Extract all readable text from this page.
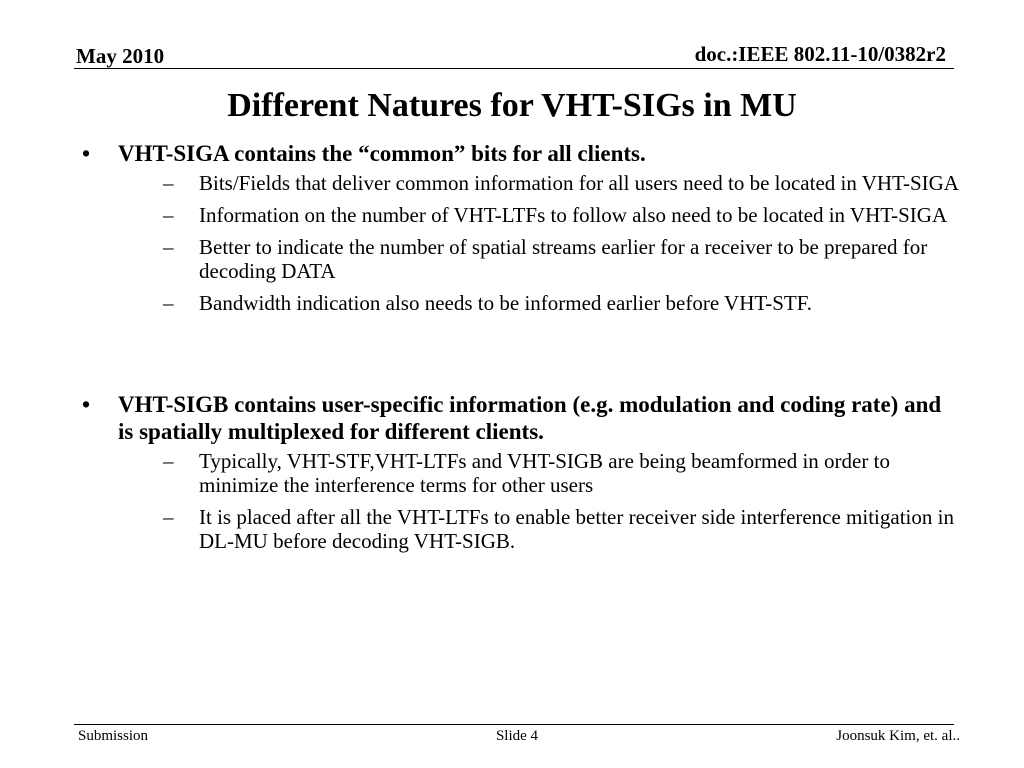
May 2010	doc.:IEEE 802.11-10/0382r2
Different Natures for VHT-SIGs in MU
• VHT-SIGA contains the “common” bits for all clients.
– Bits/Fields that deliver common information for all users need to be located in VHT-SIGA
– Information on the number of VHT-LTFs to follow also need to be located in VHT-SIGA
– Better to indicate the number of spatial streams earlier for a receiver to be prepared for decoding DATA
– Bandwidth indication also needs to be informed earlier before VHT-STF.
• VHT-SIGB contains user-specific information (e.g. modulation and coding rate) and is spatially multiplexed for different clients.
– Typically, VHT-STF,VHT-LTFs and VHT-SIGB are being beamformed in order to minimize the interference terms for other users
– It is placed after all the VHT-LTFs to enable better receiver side interference mitigation in DL-MU before decoding VHT-SIGB.
Submission	Slide 4	Joonsuk Kim, et. al..
